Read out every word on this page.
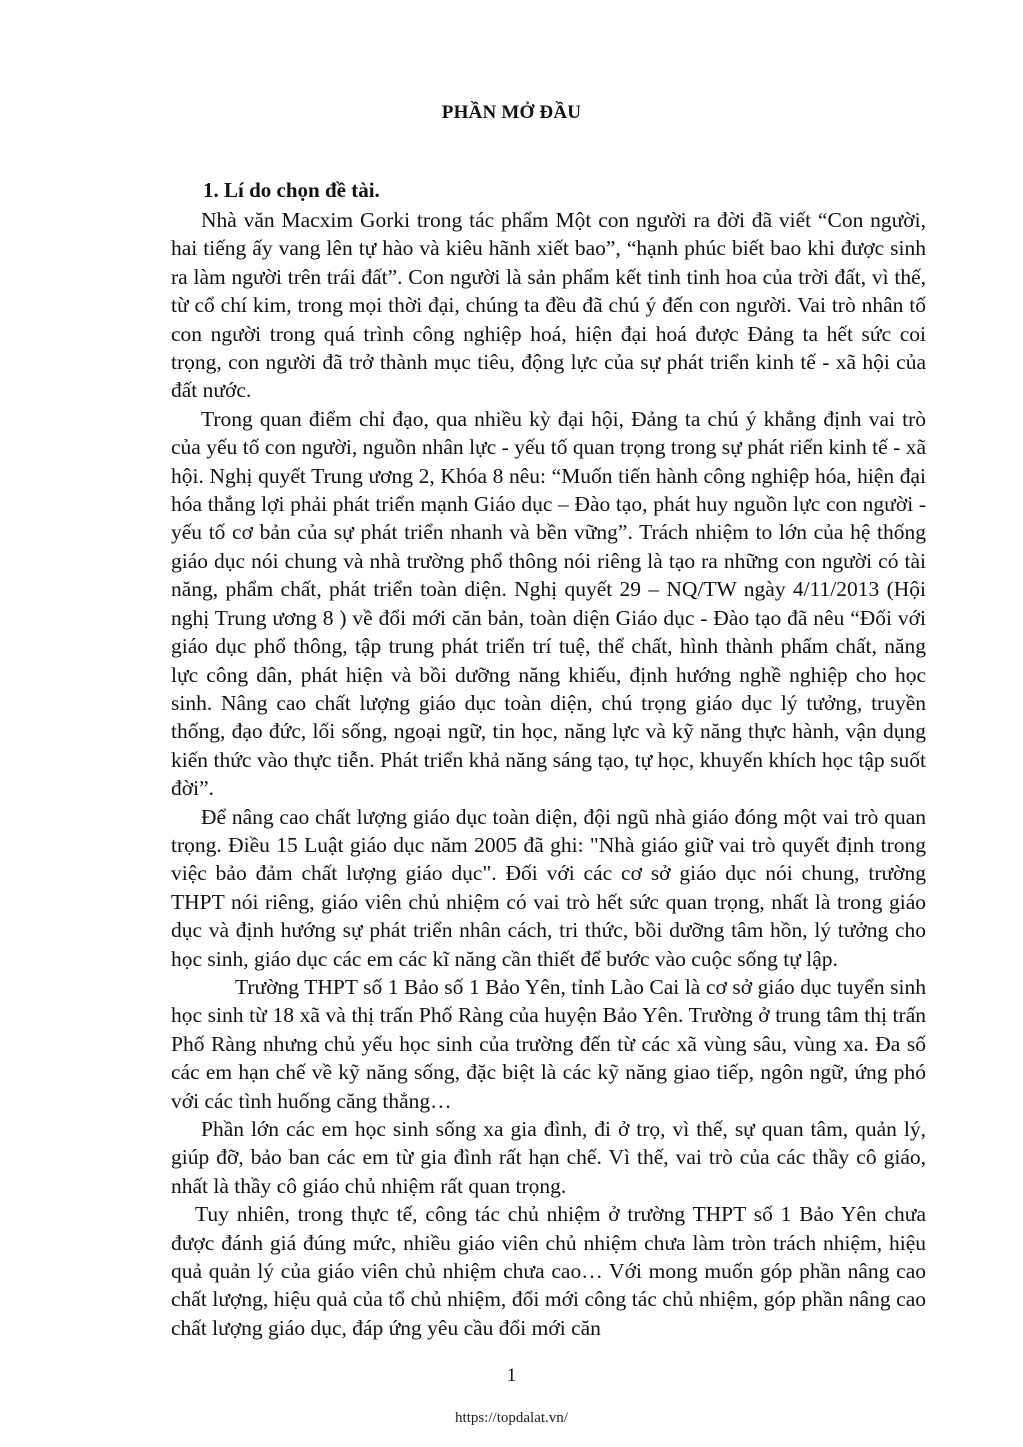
PHẦN MỞ ĐẦU
1. Lí do chọn đề tài.

Nhà văn Macxim Gorki trong tác phẩm Một con người ra đời đã viết “Con người, hai tiếng ấy vang lên tự hào và kiêu hãnh xiết bao”, “hạnh phúc biết bao khi được sinh ra làm người trên trái đất”. Con người là sản phẩm kết tinh tinh hoa của trời đất, vì thế, từ cổ chí kim, trong mọi thời đại, chúng ta đều đã chú ý đến con người. Vai trò nhân tố con người trong quá trình công nghiệp hoá, hiện đại hoá được Đảng ta hết sức coi trọng, con người đã trở thành mục tiêu, động lực của sự phát triển kinh tế - xã hội của đất nước.

Trong quan điểm chỉ đạo, qua nhiều kỳ đại hội, Đảng ta chú ý khẳng định vai trò của yếu tố con người, nguồn nhân lực - yếu tố quan trọng trong sự phát riển kinh tế - xã hội. Nghị quyết Trung ương 2, Khóa 8 nêu: “Muốn tiến hành công nghiệp hóa, hiện đại hóa thắng lợi phải phát triển mạnh Giáo dục – Đào tạo, phát huy nguồn lực con người - yếu tố cơ bản của sự phát triển nhanh và bền vững”. Trách nhiệm to lớn của hệ thống giáo dục nói chung và nhà trường phổ thông nói riêng là tạo ra những con người có tài năng, phẩm chất, phát triển toàn diện. Nghị quyết 29 – NQ/TW ngày 4/11/2013 (Hội nghị Trung ương 8 ) về đổi mới căn bản, toàn diện Giáo dục - Đào tạo đã nêu “Đối với giáo dục phổ thông, tập trung phát triển trí tuệ, thể chất, hình thành phẩm chất, năng lực công dân, phát hiện và bồi dưỡng năng khiếu, định hướng nghề nghiệp cho học sinh. Nâng cao chất lượng giáo dục toàn diện, chú trọng giáo dục lý tưởng, truyền thống, đạo đức, lối sống, ngoại ngữ, tin học, năng lực và kỹ năng thực hành, vận dụng kiến thức vào thực tiễn. Phát triển khả năng sáng tạo, tự học, khuyến khích học tập suốt đời”.

Để nâng cao chất lượng giáo dục toàn diện, đội ngũ nhà giáo đóng một vai trò quan trọng. Điều 15 Luật giáo dục năm 2005 đã ghi: "Nhà giáo giữ vai trò quyết định trong việc bảo đảm chất lượng giáo dục". Đối với các cơ sở giáo dục nói chung, trường THPT nói riêng, giáo viên chủ nhiệm có vai trò hết sức quan trọng, nhất là trong giáo dục và định hướng sự phát triển nhân cách, tri thức, bồi dưỡng tâm hồn, lý tưởng cho học sinh, giáo dục các em các kĩ năng cần thiết để bước vào cuộc sống tự lập.

Trường THPT số 1 Bảo số 1 Bảo Yên, tỉnh Lào Cai là cơ sở giáo dục tuyển sinh học sinh từ 18 xã và thị trấn Phố Ràng của huyện Bảo Yên. Trường ở trung tâm thị trấn Phố Ràng nhưng chủ yếu học sinh của trường đến từ các xã vùng sâu, vùng xa. Đa số các em hạn chế về kỹ năng sống, đặc biệt là các kỹ năng giao tiếp, ngôn ngữ, ứng phó với các tình huống căng thẳng…

Phần lớn các em học sinh sống xa gia đình, đi ở trọ, vì thế, sự quan tâm, quản lý, giúp đỡ, bảo ban các em từ gia đình rất hạn chế. Vì thế, vai trò của các thầy cô giáo, nhất là thầy cô giáo chủ nhiệm rất quan trọng.

Tuy nhiên, trong thực tế, công tác chủ nhiệm ở trường THPT số 1 Bảo Yên chưa được đánh giá đúng mức, nhiều giáo viên chủ nhiệm chưa làm tròn trách nhiệm, hiệu quả quản lý của giáo viên chủ nhiệm chưa cao… Với mong muốn góp phần nâng cao chất lượng, hiệu quả của tổ chủ nhiệm, đổi mới công tác chủ nhiệm, góp phần nâng cao chất lượng giáo dục, đáp ứng yêu cầu đổi mới căn

1
https://topdalat.vn/
